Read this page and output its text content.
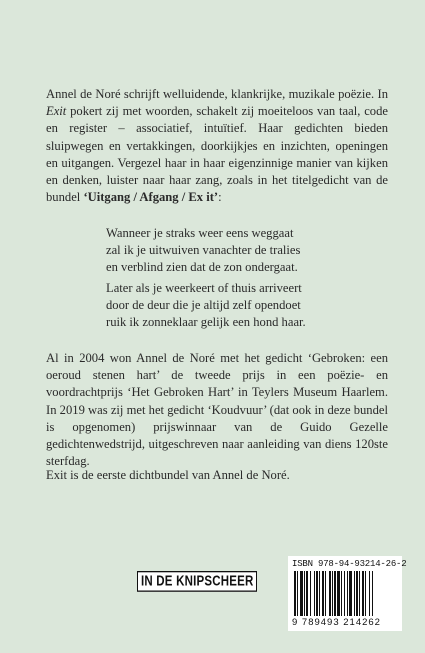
Annel de Noré schrijft welluidende, klankrijke, muzikale poëzie. In Exit pokert zij met woorden, schakelt zij moeiteloos van taal, code en register – associatief, intuïtief. Haar gedichten bieden sluipwegen en vertakkingen, doorkijkjes en inzichten, openingen en uitgangen. Vergezel haar in haar eigenzinnige manier van kijken en denken, luister naar haar zang, zoals in het titelgedicht van de bundel ‘Uitgang / Afgang / Ex it’:

Wanneer je straks weer eens weggaat
zal ik je uitwuiven vanachter de tralies
en verblind zien dat de zon ondergaat.
Later als je weerkeert of thuis arriveert
door de deur die je altijd zelf opendoet
ruik ik zonneklaar gelijk een hond haar.
Al in 2004 won Annel de Noré met het gedicht ‘Gebroken: een oeroud stenen hart’ de tweede prijs in een poëzie- en voordrachtprijs ‘Het Gebroken Hart’ in Teylers Museum Haarlem. In 2019 was zij met het gedicht ‘Koudvuur’ (dat ook in deze bundel is opgenomen) prijswinnaar van de Guido Gezelle gedichtenwedstrijd, uitgeschreven naar aanleiding van diens 120ste sterfdag.
Exit is de eerste dichtbundel van Annel de Noré.
IN DE KNIPSCHEER
ISBN 978-94-93214-26-2
9 789493 214262
